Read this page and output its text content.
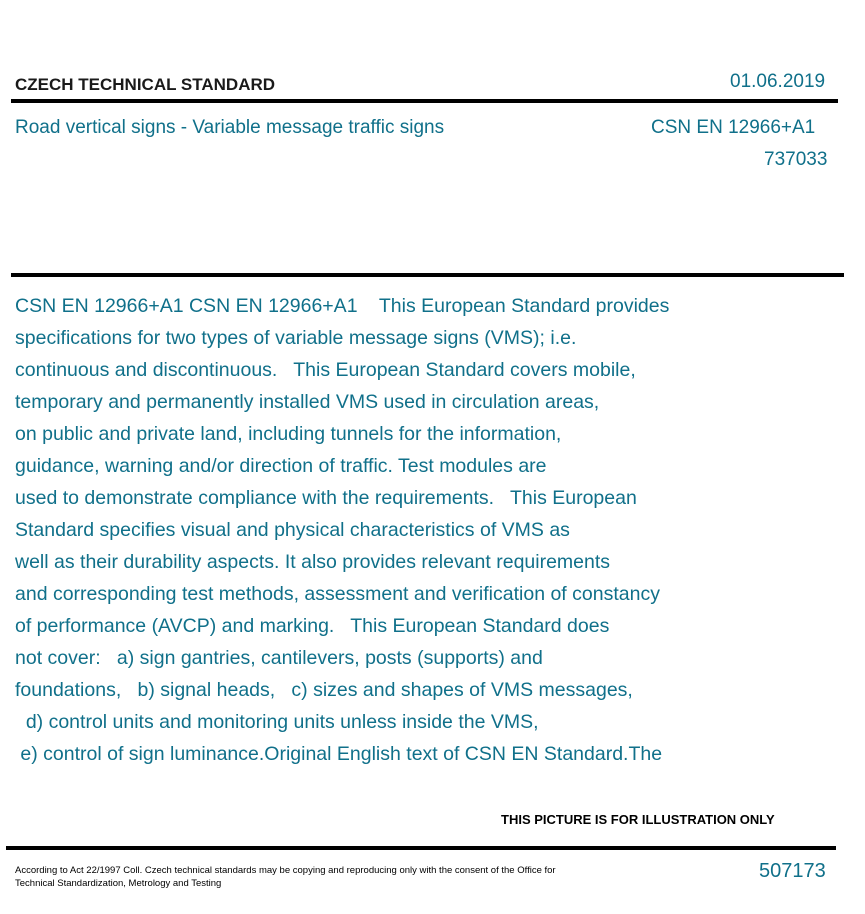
CZECH TECHNICAL STANDARD	01.06.2019
Road vertical signs - Variable message traffic signs	CSN EN 12966+A1
737033
CSN EN 12966+A1 CSN EN 12966+A1    This European Standard provides
specifications for two types of variable message signs (VMS); i.e.
continuous and discontinuous.   This European Standard covers mobile,
temporary and permanently installed VMS used in circulation areas,
on public and private land, including tunnels for the information,
guidance, warning and/or direction of traffic. Test modules are
used to demonstrate compliance with the requirements.   This European
Standard specifies visual and physical characteristics of VMS as
well as their durability aspects. It also provides relevant requirements
and corresponding test methods, assessment and verification of constancy
of performance (AVCP) and marking.   This European Standard does
not cover:   a) sign gantries, cantilevers, posts (supports) and
foundations,   b) signal heads,   c) sizes and shapes of VMS messages,
d) control units and monitoring units unless inside the VMS,
e) control of sign luminance.Original English text of CSN EN Standard.The
THIS PICTURE IS FOR ILLUSTRATION ONLY
According to Act 22/1997 Coll. Czech technical standards may be copying and reproducing only with the consent of the Office for Technical Standardization, Metrology and Testing
507173
